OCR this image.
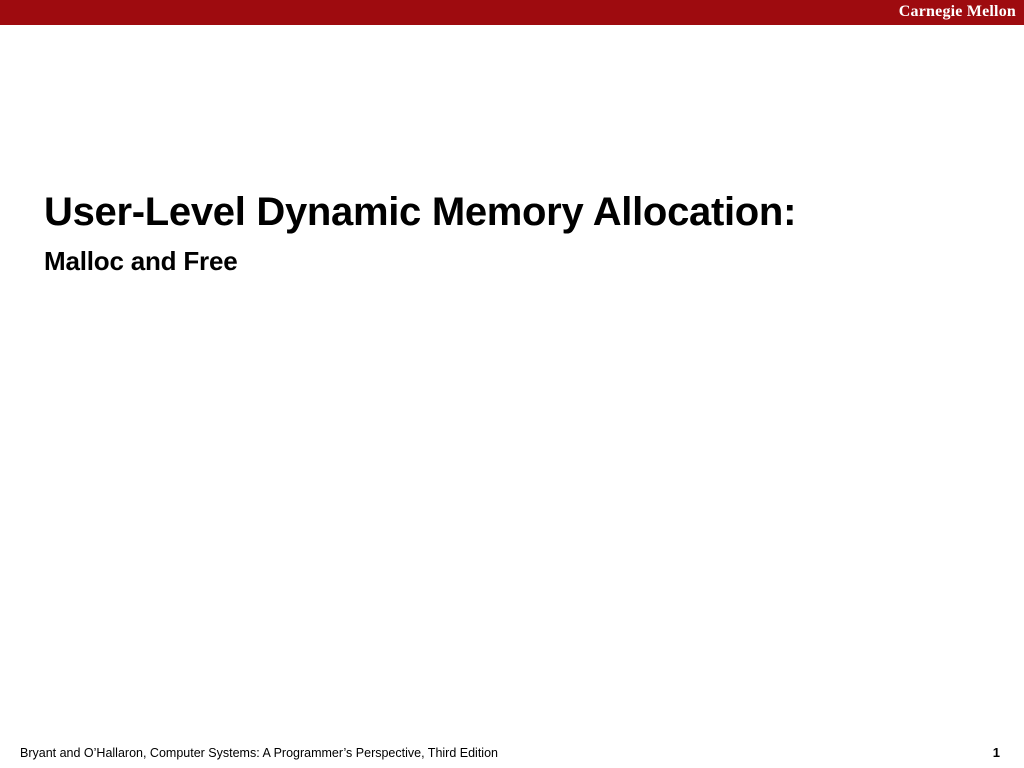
Carnegie Mellon
User-Level Dynamic Memory Allocation:
Malloc and Free
Bryant and O’Hallaron, Computer Systems: A Programmer’s Perspective, Third Edition	1
